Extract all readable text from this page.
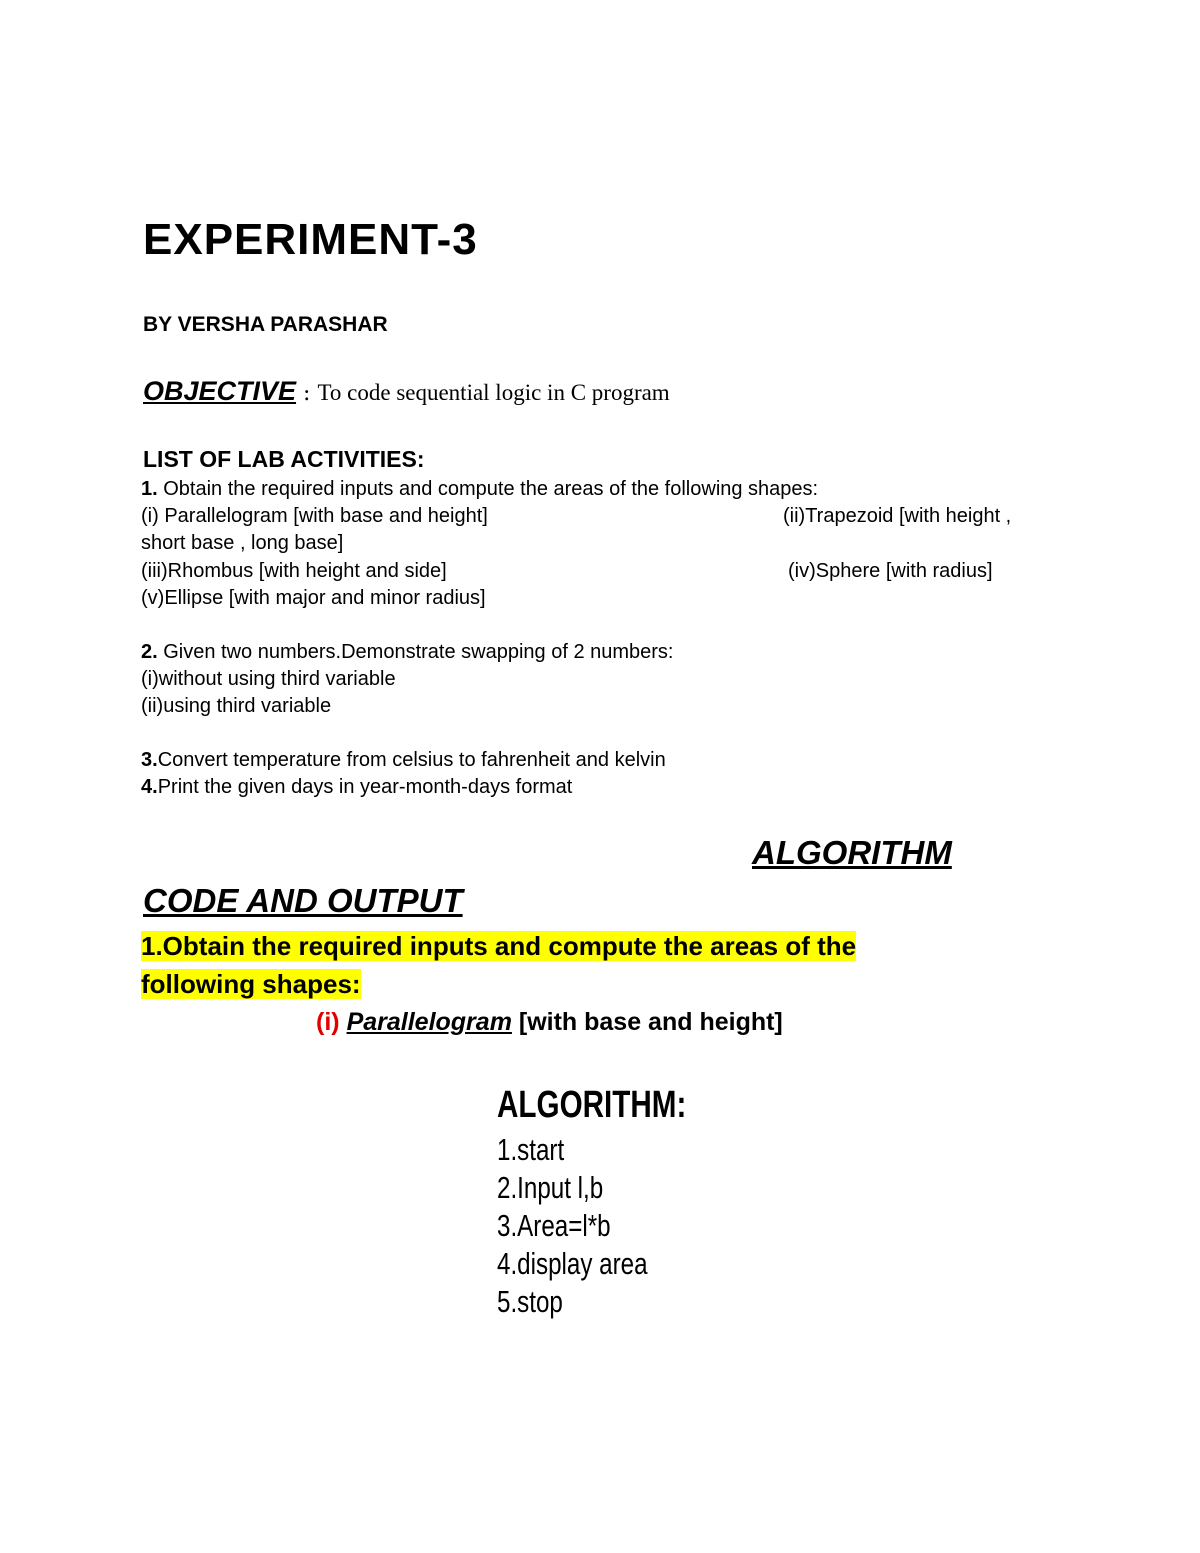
EXPERIMENT-3
BY VERSHA PARASHAR
OBJECTIVE : To code sequential logic in C program
LIST OF LAB ACTIVITIES:
1. Obtain the required inputs and compute the areas of the following shapes:
(i) Parallelogram [with base and height]	(ii)Trapezoid [with height ,
short base , long base]
(iii)Rhombus [with height and side]	(iv)Sphere [with radius]
(v)Ellipse [with major and minor radius]
2. Given two numbers.Demonstrate swapping of 2 numbers:
(i)without using third variable
(ii)using third variable
3.Convert temperature from celsius to fahrenheit and kelvin
4.Print the given days in year-month-days format
ALGORITHM
CODE AND OUTPUT
1.Obtain the required inputs and compute the areas of the
following shapes:
(i) Parallelogram [with base and height]
ALGORITHM:
1.start
2.Input l,b
3.Area=l*b
4.display area
5.stop
